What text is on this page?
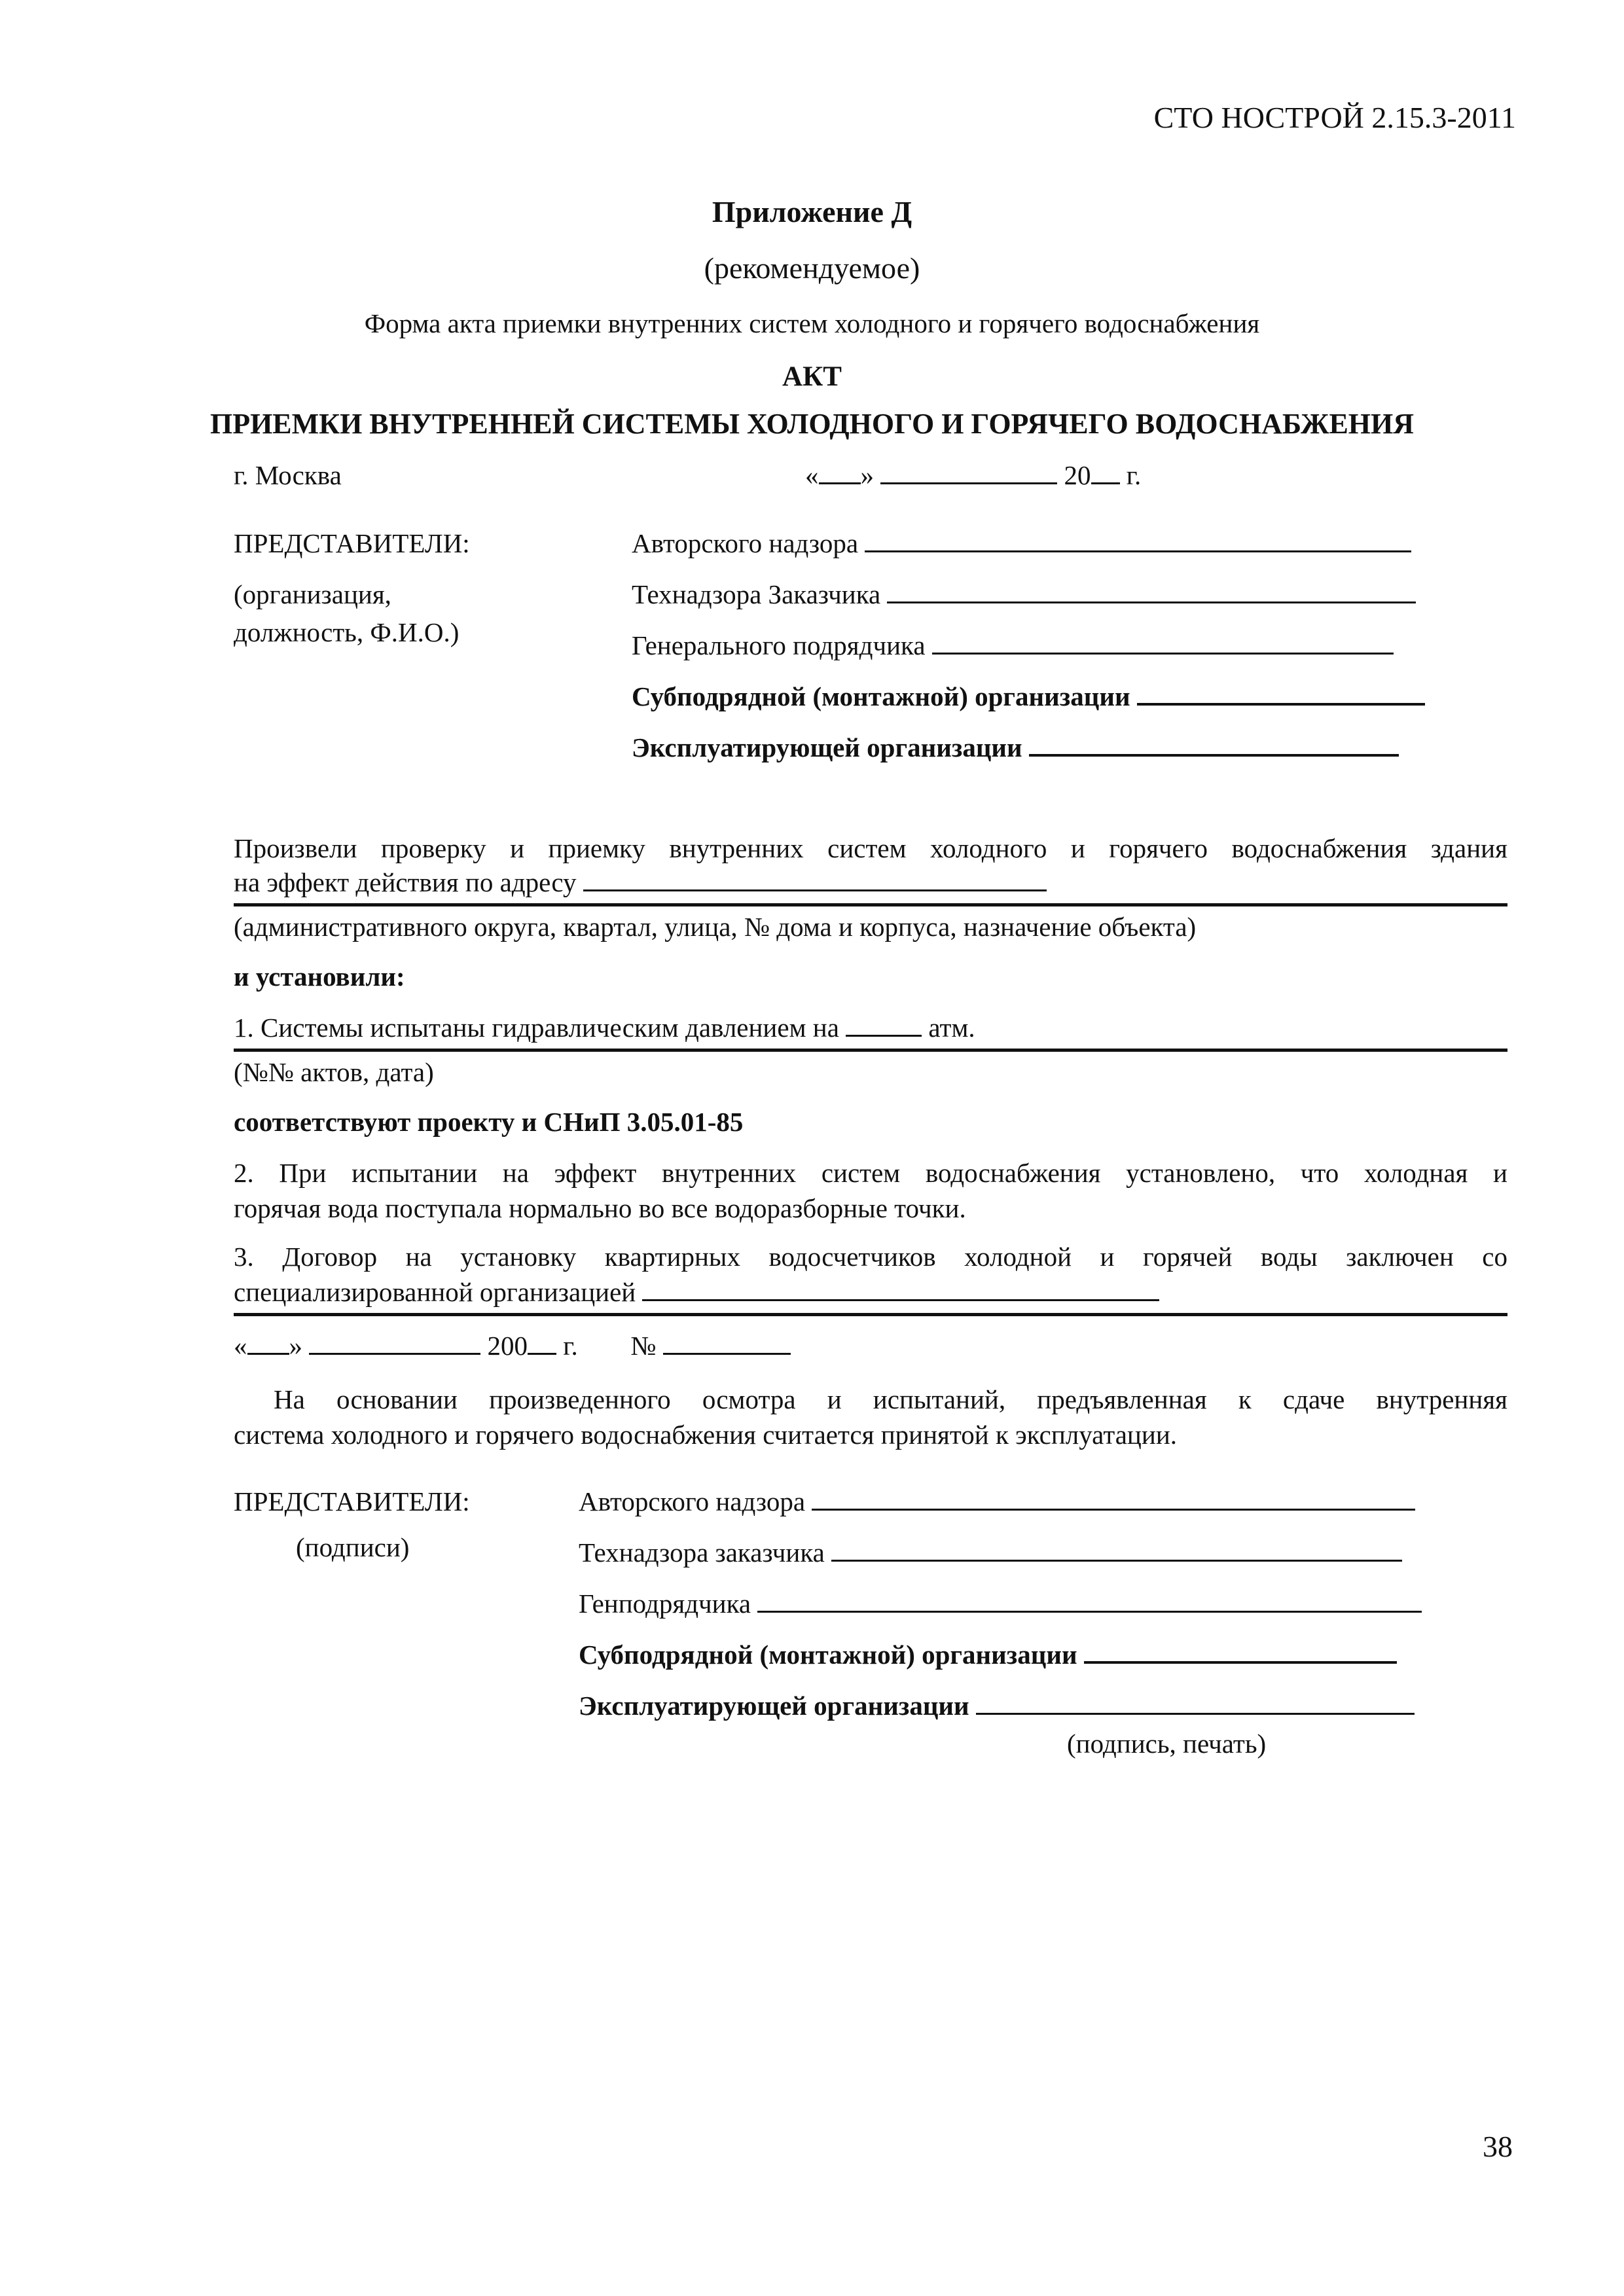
СТО НОСТРОЙ 2.15.3-2011
Приложение Д
(рекомендуемое)
Форма акта приемки внутренних систем холодного и горячего водоснабжения
АКТ
ПРИЕМКИ ВНУТРЕННЕЙ СИСТЕМЫ ХОЛОДНОГО И ГОРЯЧЕГО ВОДОСНАБЖЕНИЯ
г. Москва	« »	20 г.
ПРЕДСТАВИТЕЛИ:
(организация,
должность, Ф.И.О.)
Авторского надзора
Технадзора Заказчика
Генерального подрядчика
Субподрядной (монтажной) организации
Эксплуатирующей организации
Произвели проверку и приемку внутренних систем холодного и горячего водоснабжения здания
на эффект действия по адресу
(административного округа, квартал, улица, № дома и корпуса, назначение объекта)
и установили:
1. Системы испытаны гидравлическим давлением на	атм.
(№№ актов, дата)
соответствуют проекту и СНиП 3.05.01-85
2. При испытании на эффект внутренних систем водоснабжения установлено, что холодная и
горячая вода поступала нормально во все водоразборные точки.
3. Договор на установку квартирных водосчетчиков холодной и горячей воды заключен со
специализированной организацией
« »	200 г. №
На основании произведенного осмотра и испытаний, предъявленная к сдаче внутренняя
система холодного и горячего водоснабжения считается принятой к эксплуатации.
ПРЕДСТАВИТЕЛИ:
(подписи)
Авторского надзора
Технадзора заказчика
Генподрядчика
Субподрядной (монтажной) организации
Эксплуатирующей организации
(подпись, печать)
38
